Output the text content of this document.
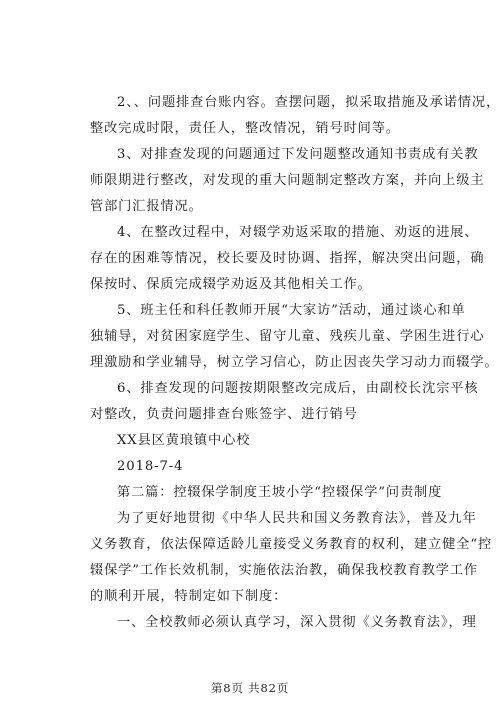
2、、问题排查台账内容。查摆问题，拟采取措施及承诺情况，
整改完成时限，责任人，整改情况，销号时间等。
3、对排查发现的问题通过下发问题整改通知书责成有关教
师限期进行整改，对发现的重大问题制定整改方案，并向上级主
管部门汇报情况。
4、在整改过程中，对辍学劝返采取的措施、劝返的进展、
存在的困难等情况，校长要及时协调、指挥，解决突出问题，确
保按时、保质完成辍学劝返及其他相关工作。
5、班主任和科任教师开展“大家访”活动，通过谈心和单
独辅导，对贫困家庭学生、留守儿童、残疾儿童、学困生进行心
理激励和学业辅导，树立学习信心，防止因丧失学习动力而辍学。
6、排查发现的问题按期限整改完成后，由副校长沈宗平核
对整改，负责问题排查台账签字、进行销号
XX县区黄琅镇中心校
2018-7-4
第二篇：控辍保学制度王坡小学“控辍保学”问责制度
为了更好地贯彻《中华人民共和国义务教育法》，普及九年
义务教育，依法保障适龄儿童接受义务教育的权利，建立健全“控
辍保学”工作长效机制，实施依法治教，确保我校教育教学工作
的顺利开展，特制定如下制度：
一、全校教师必须认真学习，深入贯彻《义务教育法》，理
第8页 共82页
